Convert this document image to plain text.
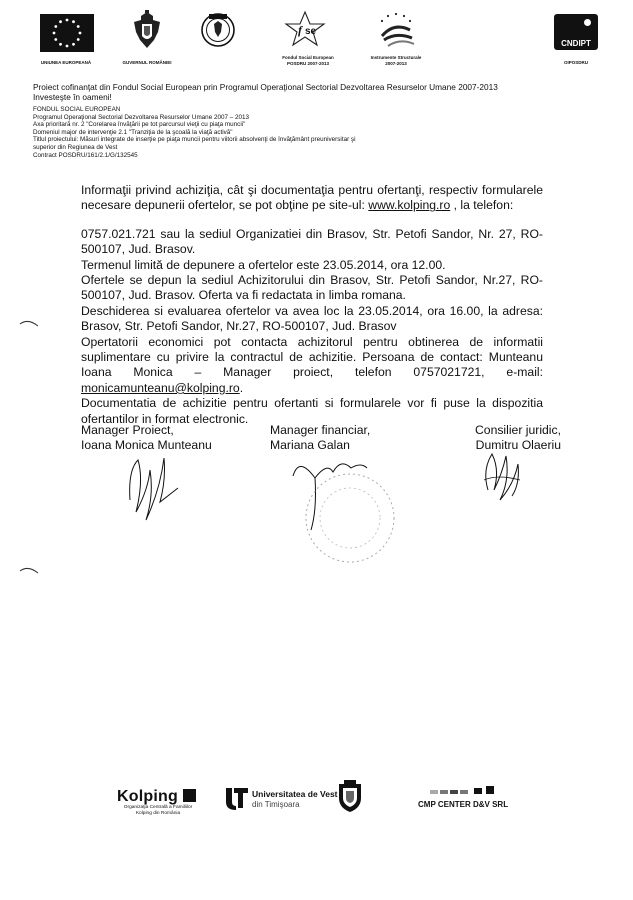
UNIUNEA EUROPEANĂ	GUVERNUL ROMÂNIEI
f se
Fondul Social European
POSDRU 2007-2013
Instrumente Structurale
2007-2013
CNDIPT
OIPOSDRU
Proiect cofinanţat din Fondul Social European prin Programul Operaţional Sectorial Dezvoltarea Resurselor Umane 2007-2013
Investeşte în oameni!
FONDUL SOCIAL EUROPEAN
Programul Operaţional Sectorial Dezvoltarea Resurselor Umane 2007 – 2013
Axa prioritară nr. 2 "Corelarea învăţării pe tot parcursul vieţii cu piaţa muncii"
Domeniul major de intervenţie 2.1 "Tranziţia de la şcoală la viaţă activă"
Titlul proiectului: Măsuri integrate de inserţie pe piaţa muncii pentru viitorii absolvenţi de învăţământ preuniversitar şi
superior din Regiunea de Vest
Contract POSDRU/161/2.1/G/132545
Informaţii privind achiziţia, cât şi documentaţia pentru ofertanţi, respectiv formularele
necesare depunerii ofertelor, se pot obţine pe site-ul: www.kolping.ro , la telefon:
0757.021.721 sau la sediul Organizatiei din Brasov, Str. Petofi Sandor, Nr. 27, RO-
500107, Jud. Brasov.
Termenul limită de depunere a ofertelor este 23.05.2014, ora 12.00.
Ofertele se depun la sediul Achizitorului din Brasov, Str. Petofi Sandor, Nr.27, RO-
500107, Jud. Brasov. Oferta va fi redactata in limba romana.
Deschiderea si evaluarea ofertelor va avea loc la 23.05.2014, ora 16.00, la adresa:
Brasov, Str. Petofi Sandor, Nr.27, RO-500107, Jud. Brasov
Opertatorii economici pot contacta achizitorul pentru obtinerea de informatii
suplimentare cu privire la contractul de achizitie. Persoana de contact: Munteanu
Ioana Monica – Manager proiect, telefon 0757021721, e-mail:
monicamunteanu@kolping.ro.
Documentatia de achizitie pentru ofertanti si formularele vor fi puse la dispozitia
ofertantilor in format electronic.
Manager Proiect,
Ioana Monica Munteanu
Manager financiar,
Mariana Galan
Consilier juridic,
Dumitru Olaeriu
Kolping
Organizaţia Centrală a Familiilor
Kolping din România
Universitatea de Vest
din Timişoara	CMP CENTER D&V SRL
